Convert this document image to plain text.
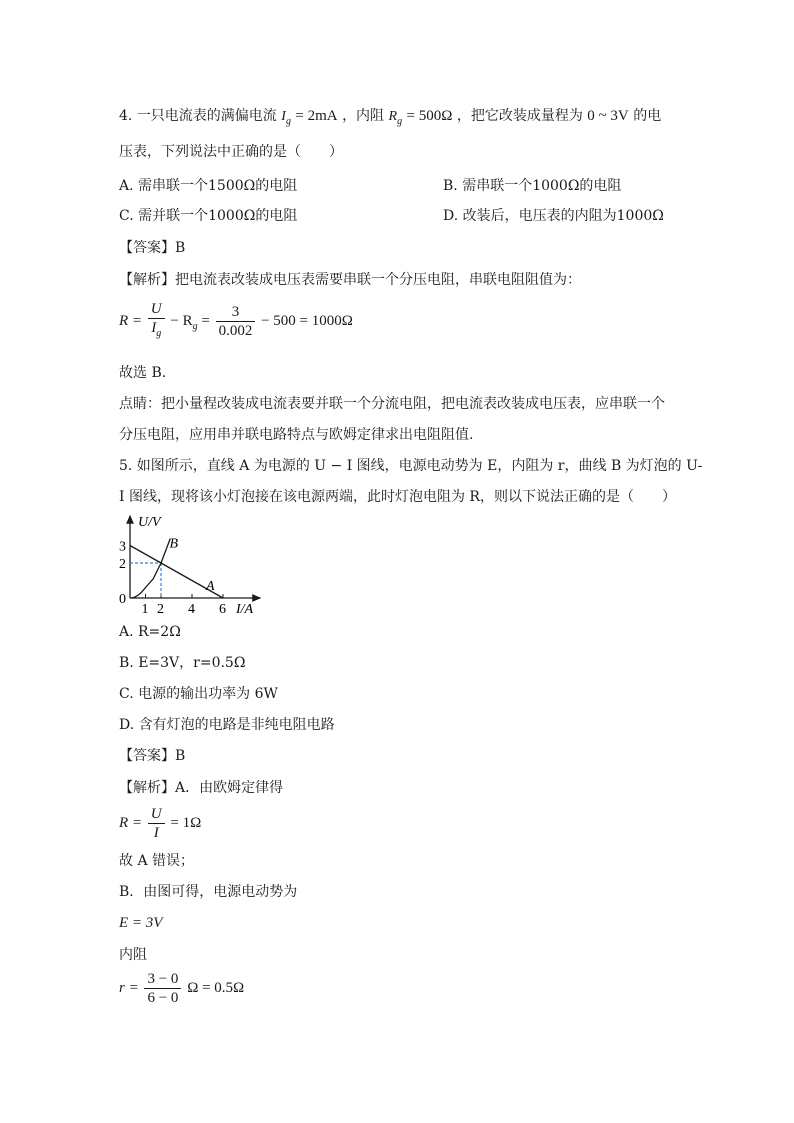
4. 一只电流表的满偏电流 $I_g = 2mA$ ，内阻 $R_g = 500\Omega$ ，把它改装成量程为 0 ~ 3V 的电
压表，下列说法中正确的是（　　）
A. 需串联一个1500Ω的电阻	B. 需串联一个1000Ω的电阻
C. 需并联一个1000Ω的电阻	D. 改装后，电压表的内阻为1000Ω
【答案】B
【解析】把电流表改装成电压表需要串联一个分压电阻，串联电阻阻值为：
$R = \frac{U}{I_g} - R_g = \frac{3}{0.002} - 500 = 1000\Omega$
故选 B.
点睛：把小量程改装成电流表要并联一个分流电阻，把电流表改装成电压表，应串联一个
分压电阻，应用串并联电路特点与欧姆定律求出电阻阻值.
5. 如图所示，直线 A 为电源的 U − I 图线，电源电动势为 E，内阻为 r，曲线 B 为灯泡的 U-
I 图线，现将该小灯泡接在该电源两端，此时灯泡电阻为 R，则以下说法正确的是（　　）
U/V
I/A
0
1 2 4 6
2
3
A
B
A. R=2Ω
B. E=3V，r=0.5Ω
C. 电源的输出功率为 6W
D. 含有灯泡的电路是非纯电阻电路
【答案】B
【解析】A．由欧姆定律得
$R = \frac{U}{I} = 1\Omega$
故 A 错误；
B．由图可得，电源电动势为
E = 3V
内阻
$r = \frac{3 - 0}{6 - 0}$ Ω = 0.5Ω
